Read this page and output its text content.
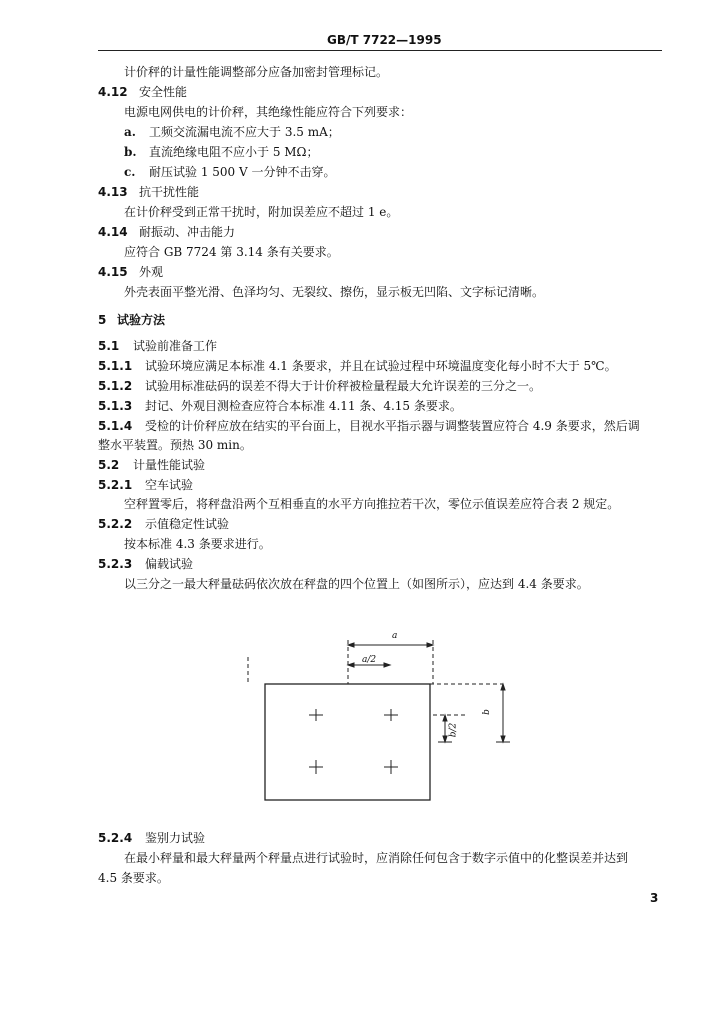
GB/T 7722—1995
计价秤的计量性能调整部分应备加密封管理标记。
4.12 安全性能
电源电网供电的计价秤，其绝缘性能应符合下列要求：
a. 工频交流漏电流不应大于 3.5 mA；
b. 直流绝缘电阻不应小于 5 MΩ；
c. 耐压试验 1 500 V 一分钟不击穿。
4.13 抗干扰性能
在计价秤受到正常干扰时，附加误差应不超过 1 e。
4.14 耐振动、冲击能力
应符合 GB 7724 第 3.14 条有关要求。
4.15 外观
外壳表面平整光滑、色泽均匀、无裂纹、擦伤，显示板无凹陷、文字标记清晰。
5 试验方法
5.1 试验前准备工作
5.1.1 试验环境应满足本标准 4.1 条要求，并且在试验过程中环境温度变化每小时不大于 5℃。
5.1.2 试验用标准砝码的误差不得大于计价秤被检量程最大允许误差的三分之一。
5.1.3 封记、外观目测检查应符合本标准 4.11 条、4.15 条要求。
5.1.4 受检的计价秤应放在结实的平台面上，目视水平指示器与调整装置应符合 4.9 条要求，然后调
整水平装置。预热 30 min。
5.2 计量性能试验
5.2.1 空车试验
空秤置零后，将秤盘沿两个互相垂直的水平方向推拉若干次，零位示值误差应符合表 2 规定。
5.2.2 示值稳定性试验
按本标准 4.3 条要求进行。
5.2.3 偏载试验
以三分之一最大秤量砝码依次放在秤盘的四个位置上（如图所示），应达到 4.4 条要求。
a
a/2
b
b/2
5.2.4 鉴别力试验
在最小秤量和最大秤量两个秤量点进行试验时，应消除任何包含于数字示值中的化整误差并达到
4.5 条要求。
3
